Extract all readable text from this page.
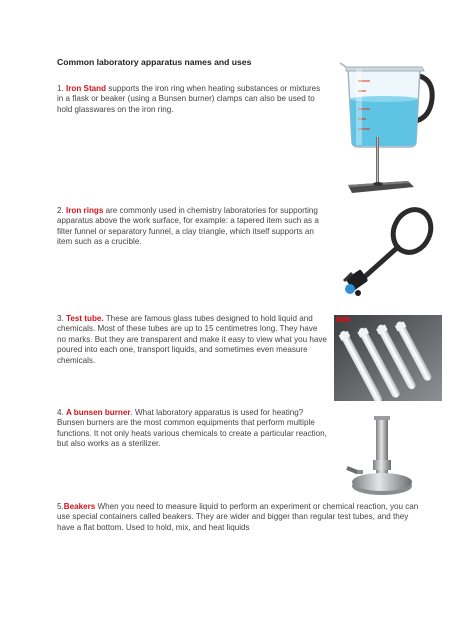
Common laboratory apparatus names and uses
1. Iron Stand supports the iron ring when heating substances or mixtures in a flask or beaker (using a Bunsen burner) clamps can also be used to hold glasswares on the iron ring.
2. Iron rings are commonly used in chemistry laboratories for supporting apparatus above the work surface, for example: a tapered item such as a filter funnel or separatory funnel, a clay triangle, which itself supports an item such as a crucible.
3. Test tube. These are famous glass tubes designed to hold liquid and chemicals. Most of these tubes are up to 15 centimetres long. They have no marks. But they are transparent and make it easy to view what you have poured into each one, transport liquids, and sometimes even measure chemicals.
4. A bunsen burner. What laboratory apparatus is used for heating? Bunsen burners are the most common equipments that perform multiple functions. It not only heats various chemicals to create a particular reaction, but also works as a sterilizer.
5.Beakers When you need to measure liquid to perform an experiment or chemical reaction, you can use special containers called beakers. They are wider and bigger than regular test tubes, and they have a flat bottom. Used to hold, mix, and heat liquids
